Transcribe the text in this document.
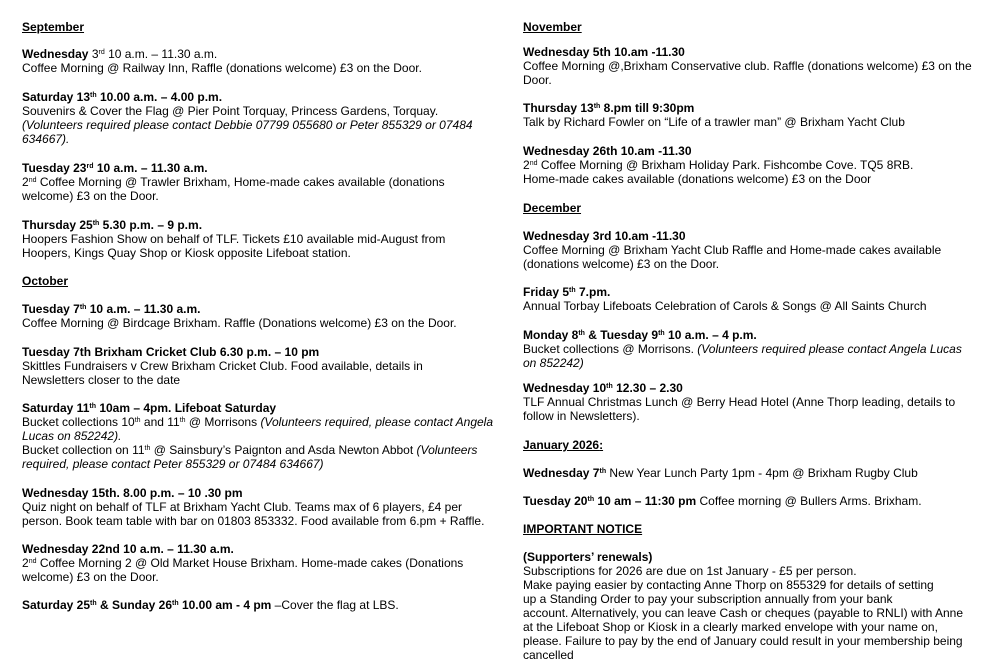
September
Wednesday 3rd 10 a.m. – 11.30 a.m.
Coffee Morning @ Railway Inn, Raffle (donations welcome) £3 on the Door.
Saturday 13th 10.00 a.m. – 4.00 p.m.
Souvenirs & Cover the Flag @ Pier Point Torquay, Princess Gardens, Torquay.
(Volunteers required please contact Debbie 07799 055680 or Peter 855329 or 07484
634667).
Tuesday 23rd 10 a.m. – 11.30 a.m.
2nd Coffee Morning @ Trawler Brixham, Home-made cakes available (donations
welcome) £3 on the Door.
Thursday 25th 5.30 p.m. – 9 p.m.
Hoopers Fashion Show on behalf of TLF. Tickets £10 available mid-August from
Hoopers, Kings Quay Shop or Kiosk opposite Lifeboat station.
October
Tuesday 7th 10 a.m. – 11.30 a.m.
Coffee Morning @ Birdcage Brixham. Raffle (Donations welcome) £3 on the Door.
Tuesday 7th Brixham Cricket Club 6.30 p.m. – 10 pm
Skittles Fundraisers v Crew Brixham Cricket Club. Food available, details in
Newsletters closer to the date
Saturday 11th 10am – 4pm. Lifeboat Saturday
Bucket collections 10th and 11th @ Morrisons (Volunteers required, please contact Angela
Lucas on 852242).
Bucket collection on 11th @ Sainsbury’s Paignton and Asda Newton Abbot (Volunteers
required, please contact Peter 855329 or 07484 634667)
Wednesday 15th. 8.00 p.m. – 10 .30 pm
Quiz night on behalf of TLF at Brixham Yacht Club. Teams max of 6 players, £4 per
person. Book team table with bar on 01803 853332. Food available from 6.pm + Raffle.
Wednesday 22nd 10 a.m. – 11.30 a.m.
2nd Coffee Morning 2 @ Old Market House Brixham. Home-made cakes (Donations
welcome) £3 on the Door.
Saturday 25th & Sunday 26th 10.00 am - 4 pm –Cover the flag at LBS.
November
Wednesday 5th 10.am -11.30
Coffee Morning @,Brixham Conservative club. Raffle (donations welcome) £3 on the
Door.
Thursday 13th 8.pm till 9:30pm
Talk by Richard Fowler on “Life of a trawler man” @ Brixham Yacht Club
Wednesday 26th 10.am -11.30
2nd Coffee Morning @ Brixham Holiday Park. Fishcombe Cove. TQ5 8RB.
Home-made cakes available (donations welcome) £3 on the Door
December
Wednesday 3rd 10.am -11.30
Coffee Morning @ Brixham Yacht Club Raffle and Home-made cakes available
(donations welcome) £3 on the Door.
Friday 5th 7.pm.
Annual Torbay Lifeboats Celebration of Carols & Songs @ All Saints Church
Monday 8th & Tuesday 9th 10 a.m. – 4 p.m.
Bucket collections @ Morrisons. (Volunteers required please contact Angela Lucas
on 852242)
Wednesday 10th 12.30 – 2.30
TLF Annual Christmas Lunch @ Berry Head Hotel (Anne Thorp leading, details to
follow in Newsletters).
January 2026:
Wednesday 7th New Year Lunch Party 1pm - 4pm @ Brixham Rugby Club
Tuesday 20th 10 am – 11:30 pm Coffee morning @ Bullers Arms. Brixham.
IMPORTANT NOTICE
(Supporters’ renewals)
Subscriptions for 2026 are due on 1st January - £5 per person.
Make paying easier by contacting Anne Thorp on 855329 for details of setting
up a Standing Order to pay your subscription annually from your bank
account. Alternatively, you can leave Cash or cheques (payable to RNLI) with Anne
at the Lifeboat Shop or Kiosk in a clearly marked envelope with your name on,
please. Failure to pay by the end of January could result in your membership being
cancelled
